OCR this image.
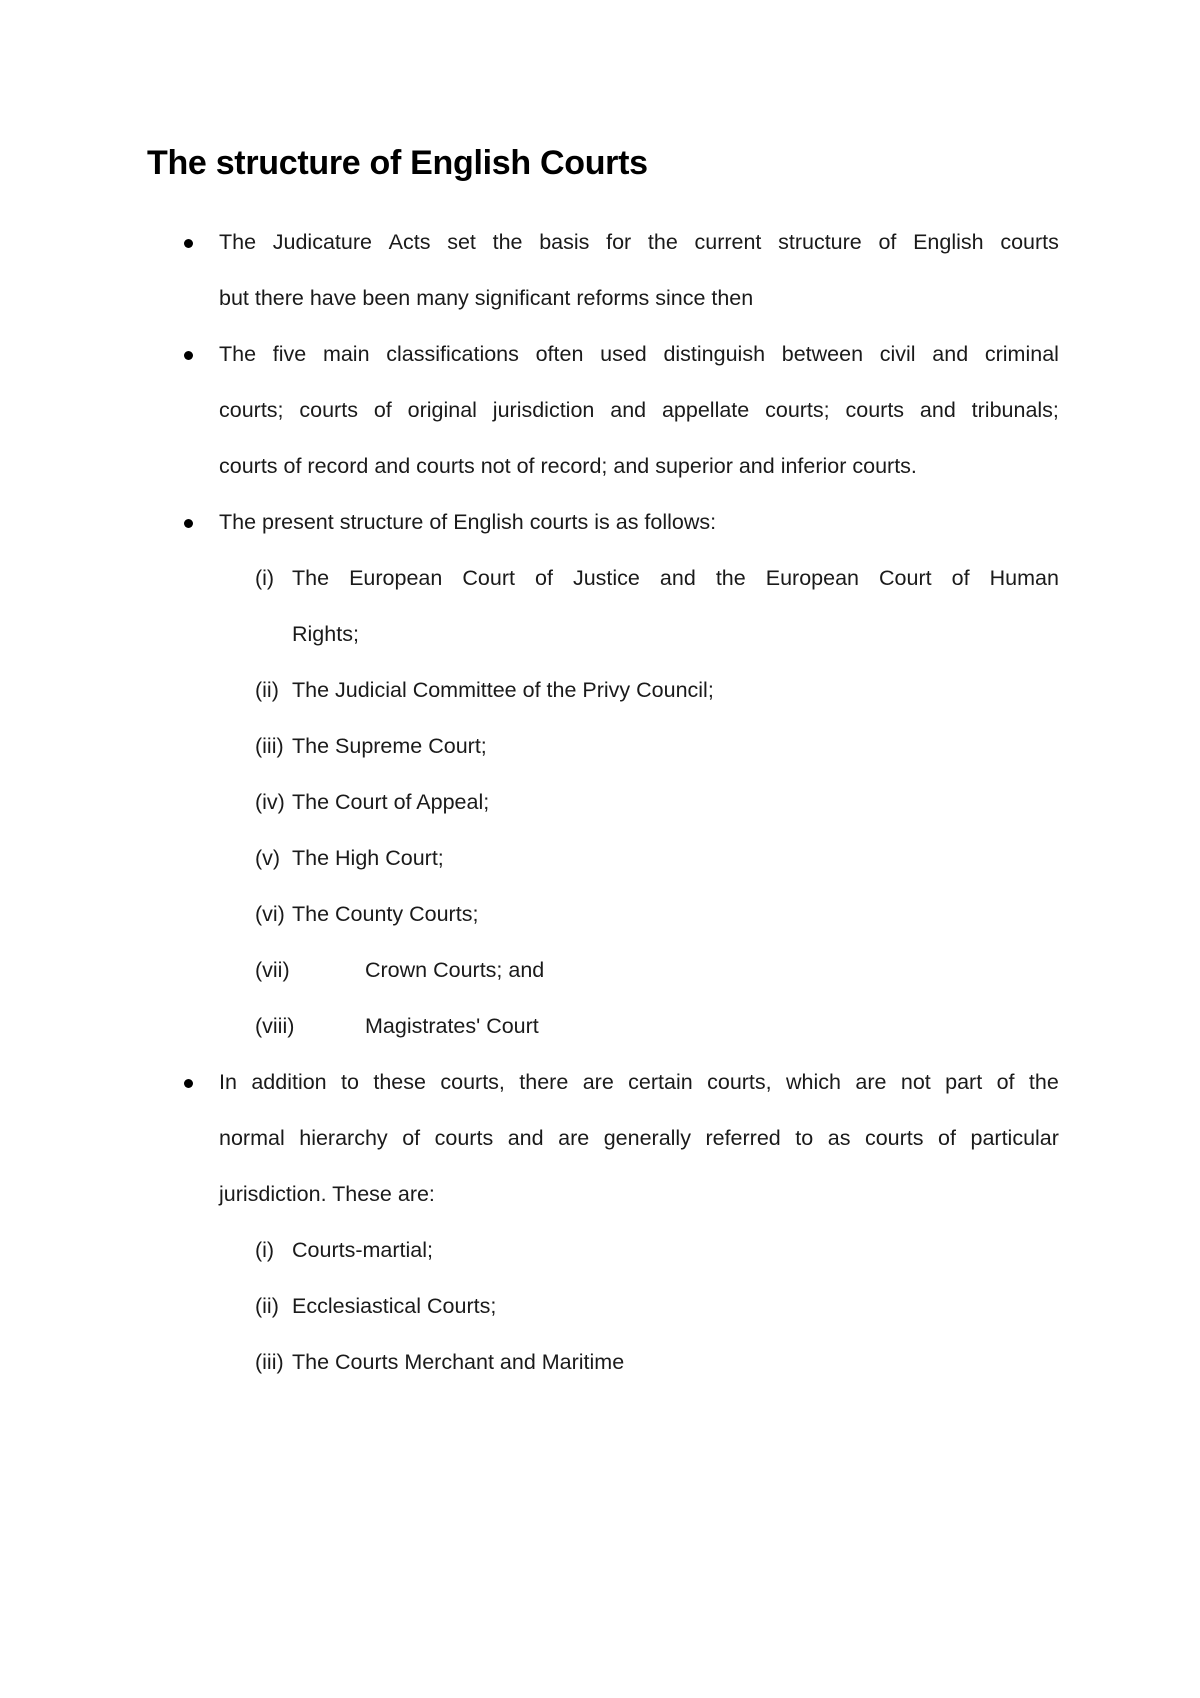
The structure of English Courts
The Judicature Acts set the basis for the current structure of English courts
but there have been many significant reforms since then
The five main classifications often used distinguish between civil and criminal
courts; courts of original jurisdiction and appellate courts; courts and tribunals;
courts of record and courts not of record; and superior and inferior courts.
The present structure of English courts is as follows:
(i) The European Court of Justice and the European Court of Human
Rights;
(ii) The Judicial Committee of the Privy Council;
(iii) The Supreme Court;
(iv) The Court of Appeal;
(v) The High Court;
(vi) The County Courts;
(vii)	Crown Courts; and
(viii)	Magistrates' Court
In addition to these courts, there are certain courts, which are not part of the
normal hierarchy of courts and are generally referred to as courts of particular
jurisdiction. These are:
(i) Courts-martial;
(ii) Ecclesiastical Courts;
(iii) The Courts Merchant and Maritime
